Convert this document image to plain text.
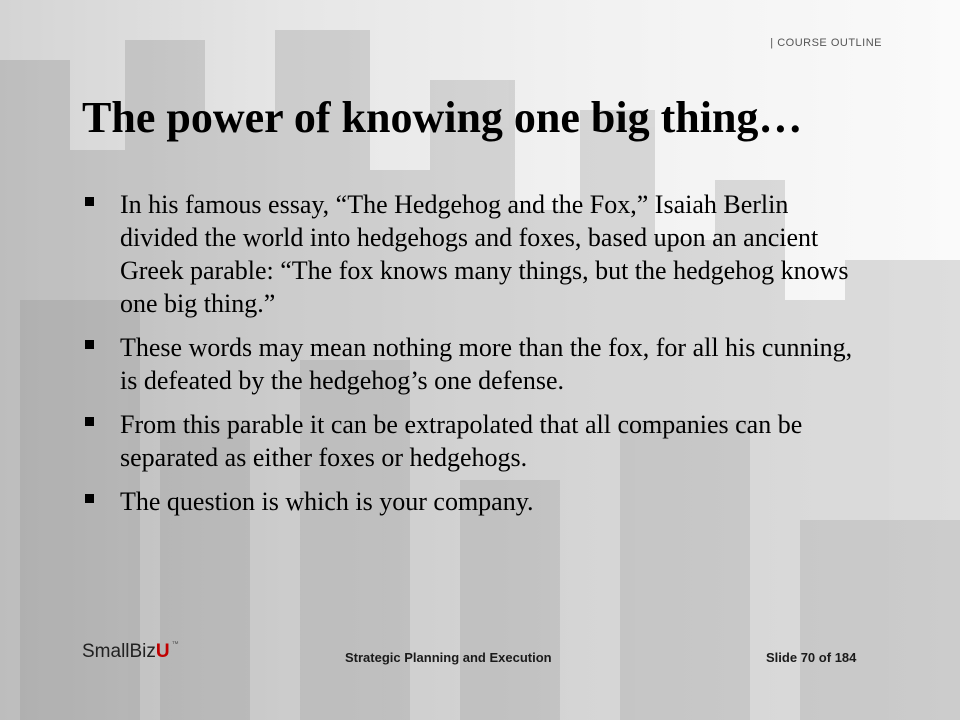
| COURSE OUTLINE
The power of knowing one big thing…
In his famous essay, “The Hedgehog and the Fox,” Isaiah Berlin divided the world into hedgehogs and foxes, based upon an ancient Greek parable: “The fox knows many things, but the hedgehog knows one big thing.”
These words may mean nothing more than the fox, for all his cunning, is defeated by the hedgehog’s one defense.
From this parable it can be extrapolated that all companies can be separated as either foxes or hedgehogs.
The question is which is your company.
SmallBizU ™
Strategic Planning and Execution	Slide 70 of 184
